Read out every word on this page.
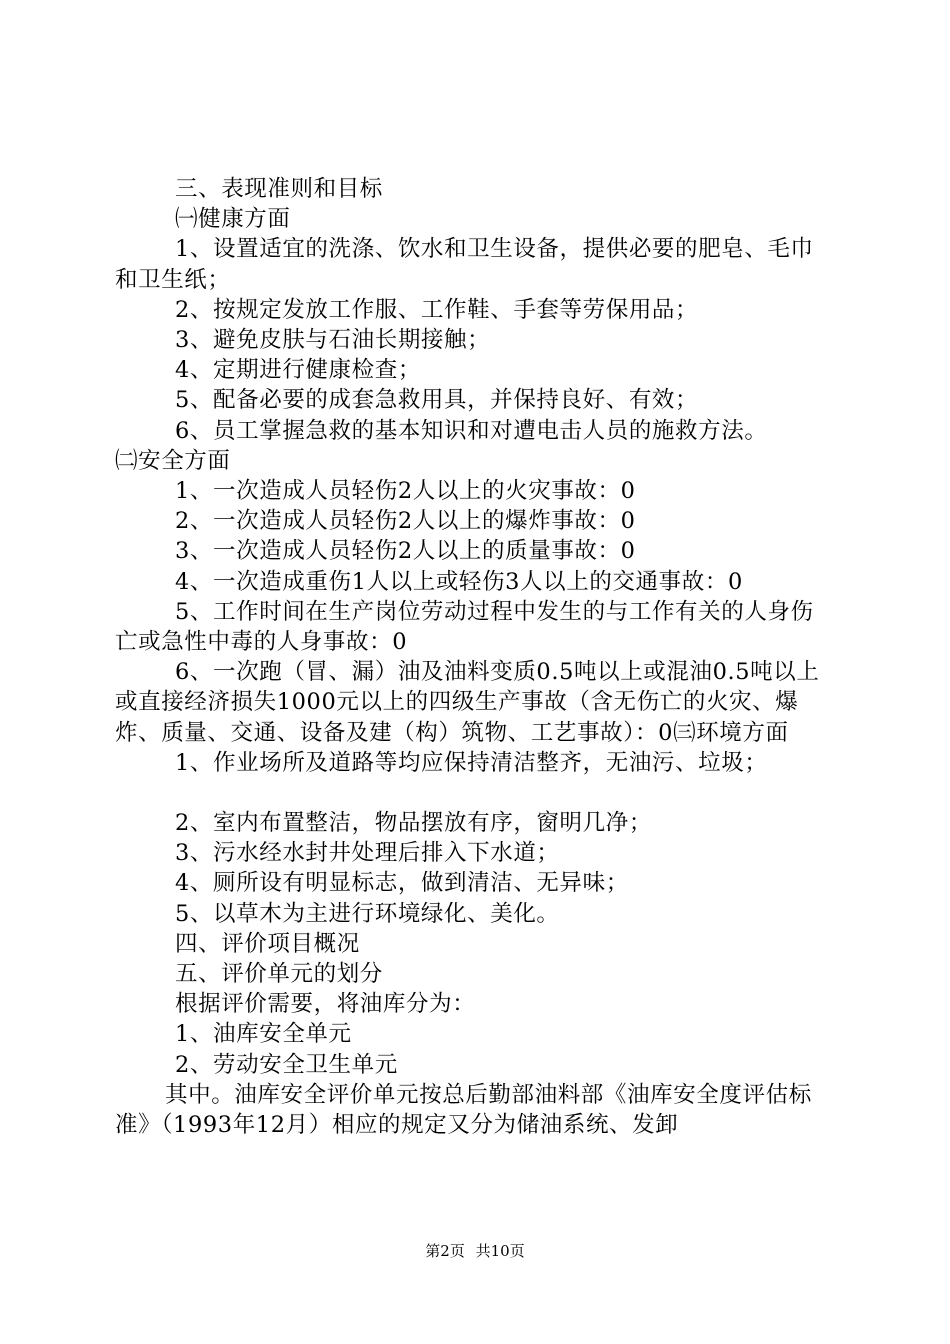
三、表现准则和目标

㈠健康方面

1、设置适宜的洗涤、饮水和卫生设备，提供必要的肥皂、毛巾和卫生纸；

2、按规定发放工作服、工作鞋、手套等劳保用品；

3、避免皮肤与石油长期接触；

4、定期进行健康检查；

5、配备必要的成套急救用具，并保持良好、有效；

6、员工掌握急救的基本知识和对遭电击人员的施救方法。

㈡安全方面

1、一次造成人员轻伤2人以上的火灾事故：0

2、一次造成人员轻伤2人以上的爆炸事故：0

3、一次造成人员轻伤2人以上的质量事故：0

4、一次造成重伤1人以上或轻伤3人以上的交通事故：0

5、工作时间在生产岗位劳动过程中发生的与工作有关的人身伤亡或急性中毒的人身事故：0

6、一次跑（冒、漏）油及油料变质0.5吨以上或混油0.5吨以上或直接经济损失1000元以上的四级生产事故（含无伤亡的火灾、爆炸、质量、交通、设备及建（构）筑物、工艺事故）：0㈢环境方面

1、作业场所及道路等均应保持清洁整齐，无油污、垃圾；

2、室内布置整洁，物品摆放有序，窗明几净；

3、污水经水封井处理后排入下水道；

4、厕所设有明显标志，做到清洁、无异味；

5、以草木为主进行环境绿化、美化。

四、评价项目概况

五、评价单元的划分

根据评价需要，将油库分为：

1、油库安全单元

2、劳动安全卫生单元

其中。油库安全评价单元按总后勤部油料部《油库安全度评估标准》（1993年12月）相应的规定又分为储油系统、发卸

第2页 共10页
